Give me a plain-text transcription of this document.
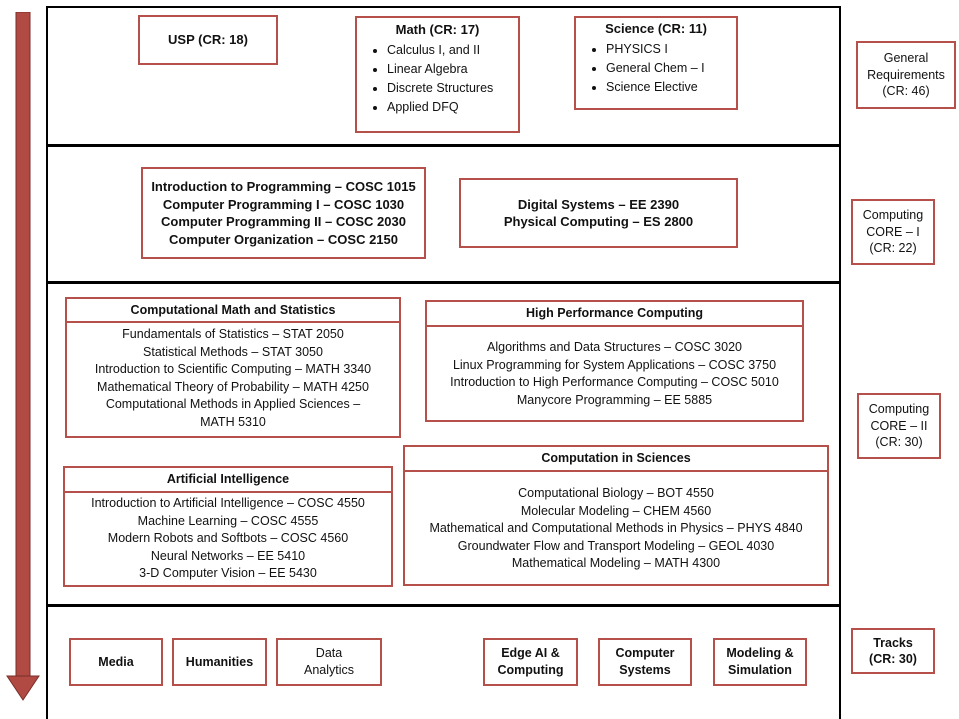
USP (CR: 18)
Math (CR: 17)
• Calculus I, and II
• Linear Algebra
• Discrete Structures
• Applied DFQ
Science (CR: 11)
• PHYSICS I
• General Chem – I
• Science Elective
Introduction to Programming – COSC 1015
Computer Programming I – COSC 1030
Computer Programming II – COSC 2030
Computer Organization – COSC 2150
Digital Systems – EE 2390
Physical Computing – ES 2800
Computational Math and Statistics
Fundamentals of Statistics – STAT 2050
Statistical Methods – STAT 3050
Introduction to Scientific Computing – MATH 3340
Mathematical Theory of Probability – MATH 4250
Computational Methods in Applied Sciences –
MATH 5310
High Performance Computing
Algorithms and Data Structures – COSC 3020
Linux Programming for System Applications – COSC 3750
Introduction to High Performance Computing – COSC 5010
Manycore Programming – EE 5885
Artificial Intelligence
Introduction to Artificial Intelligence – COSC 4550
Machine Learning – COSC 4555
Modern Robots and Softbots – COSC 4560
Neural Networks – EE 5410
3-D Computer Vision – EE 5430
Computation in Sciences
Computational Biology – BOT 4550
Molecular Modeling – CHEM 4560
Mathematical and Computational Methods in Physics – PHYS 4840
Groundwater Flow and Transport Modeling – GEOL 4030
Mathematical Modeling – MATH 4300
Media	Humanities
Data
Analytics
Edge AI &
Computing
Computer
Systems
Modeling &
Simulation
General
Requirements
(CR: 46)
Computing
CORE – I
(CR: 22)
Computing
CORE – II
(CR: 30)
Tracks
(CR: 30)
